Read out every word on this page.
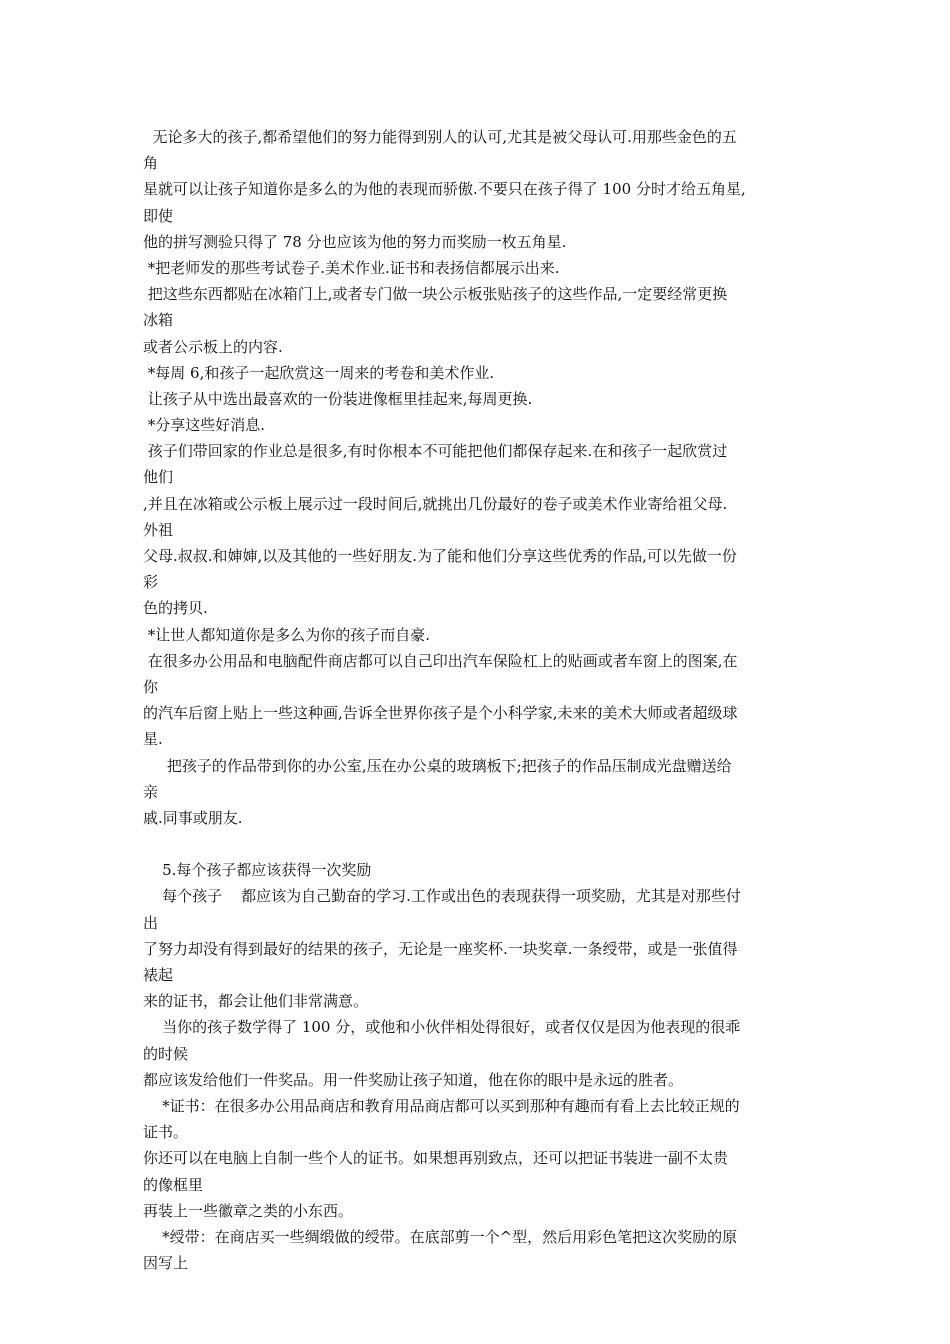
无论多大的孩子,都希望他们的努力能得到别人的认可,尤其是被父母认可.用那些金色的五
角
星就可以让孩子知道你是多么的为他的表现而骄傲.不要只在孩子得了 100 分时才给五角星,
即使
他的拼写测验只得了 78 分也应该为他的努力而奖励一枚五角星.
*把老师发的那些考试卷子.美术作业.证书和表扬信都展示出来.
把这些东西都贴在冰箱门上,或者专门做一块公示板张贴孩子的这些作品,一定要经常更换
冰箱
或者公示板上的内容.
*每周 6,和孩子一起欣赏这一周来的考卷和美术作业.
让孩子从中选出最喜欢的一份装进像框里挂起来,每周更换.
*分享这些好消息.
孩子们带回家的作业总是很多,有时你根本不可能把他们都保存起来.在和孩子一起欣赏过
他们
,并且在冰箱或公示板上展示过一段时间后,就挑出几份最好的卷子或美术作业寄给祖父母.
外祖
父母.叔叔.和婶婶,以及其他的一些好朋友.为了能和他们分享这些优秀的作品,可以先做一份
彩
色的拷贝.
*让世人都知道你是多么为你的孩子而自豪.
在很多办公用品和电脑配件商店都可以自己印出汽车保险杠上的贴画或者车窗上的图案,在
你
的汽车后窗上贴上一些这种画,告诉全世界你孩子是个小科学家,未来的美术大师或者超级球
星.
把孩子的作品带到你的办公室,压在办公桌的玻璃板下;把孩子的作品压制成光盘赠送给
亲
戚.同事或朋友.
5.每个孩子都应该获得一次奖励
每个孩子    都应该为自己勤奋的学习.工作或出色的表现获得一项奖励，尤其是对那些付
出
了努力却没有得到最好的结果的孩子，无论是一座奖杯.一块奖章.一条绶带，或是一张值得
裱起
来的证书，都会让他们非常满意。
当你的孩子数学得了 100 分，或他和小伙伴相处得很好，或者仅仅是因为他表现的很乖
的时候
都应该发给他们一件奖品。用一件奖励让孩子知道，他在你的眼中是永远的胜者。
*证书：在很多办公用品商店和教育用品商店都可以买到那种有趣而有看上去比较正规的
证书。
你还可以在电脑上自制一些个人的证书。如果想再别致点，还可以把证书装进一副不太贵
的像框里
再装上一些徽章之类的小东西。
*绶带：在商店买一些绸缎做的绶带。在底部剪一个^型，然后用彩色笔把这次奖励的原
因写上
